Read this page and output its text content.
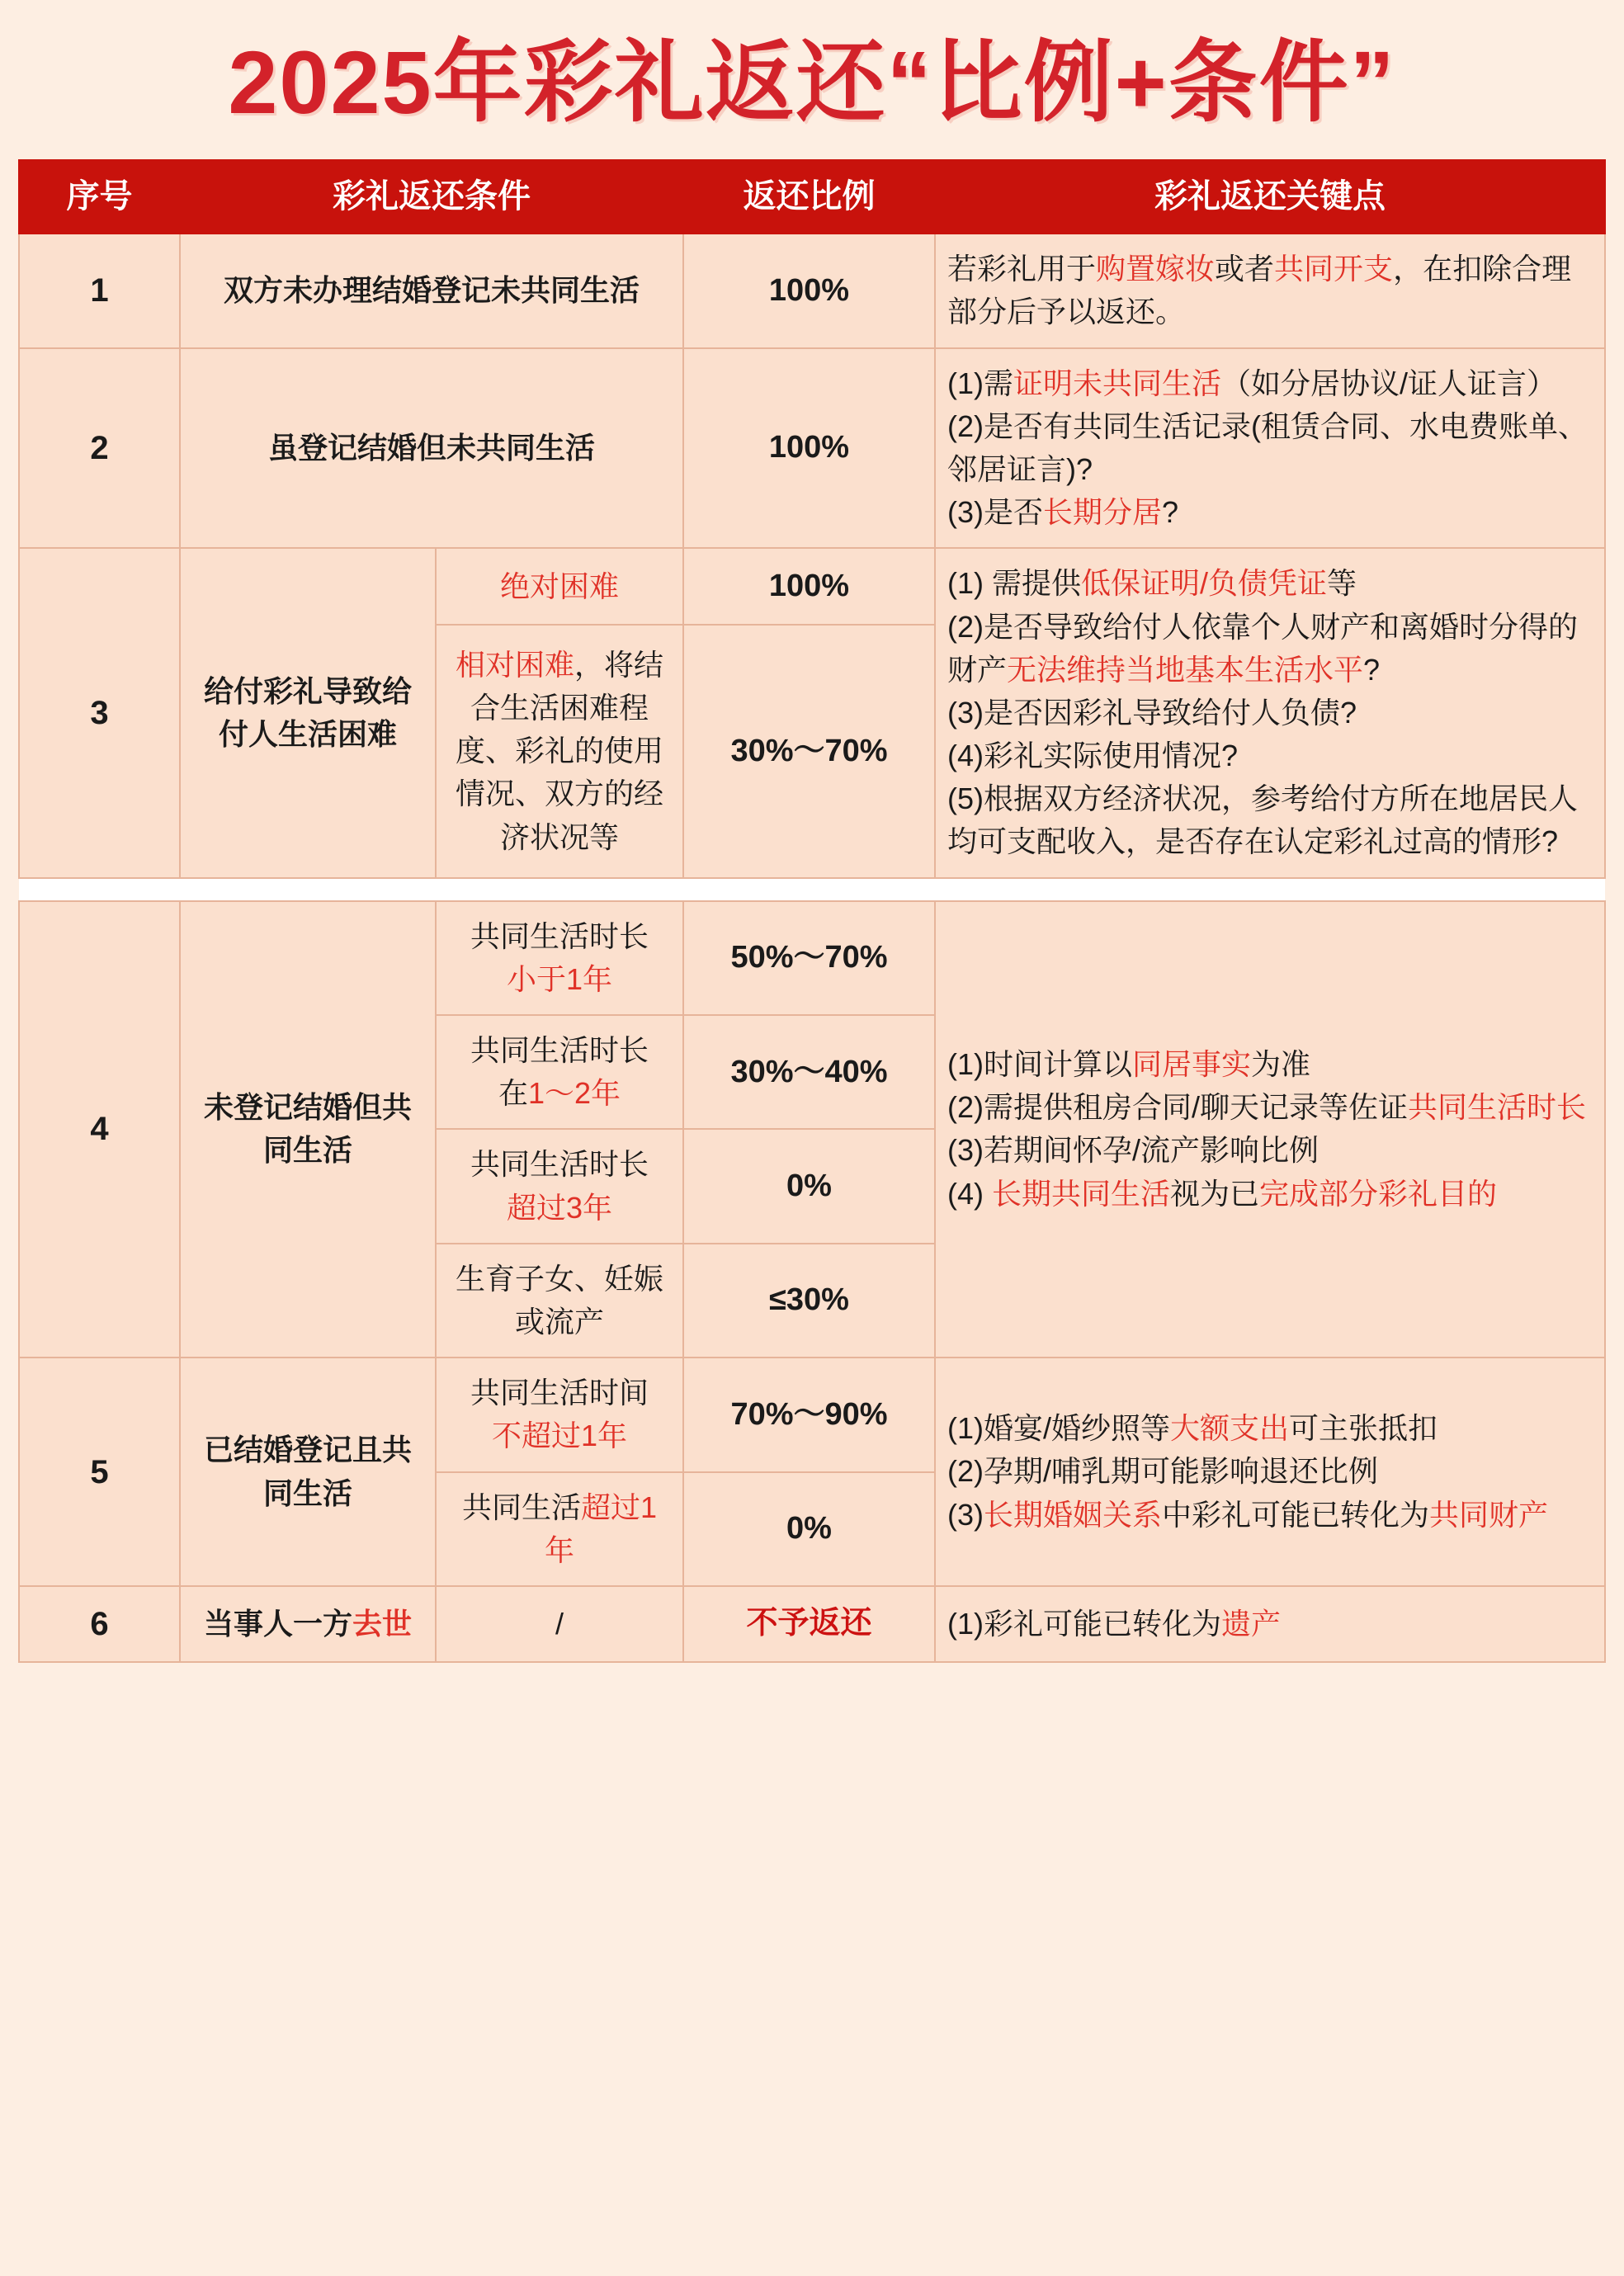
2025年彩礼返还“比例+条件”
序号	彩礼返还条件		返还比例	彩礼返还关键点
1	双方未办理结婚登记未共同生活		100%	若彩礼用于购置嫁妆或者共同开支，在扣除合理部分后予以返还。
2	虽登记结婚但未共同生活		100%	(1)需证明未共同生活（如分居协议/证人证言）
(2)是否有共同生活记录(租赁合同、水电费账单、邻居证言)?
(3)是否长期分居?
3	给付彩礼导致给付人生活困难	绝对困难	100%	(1) 需提供低保证明/负债凭证等
(2)是否导致给付人依靠个人财产和离婚时分得的财产无法维持当地基本生活水平?
(3)是否因彩礼导致给付人负债?
(4)彩礼实际使用情况?
(5)根据双方经济状况，参考给付方所在地居民人均可支配收入，是否存在认定彩礼过高的情形?
		相对困难，将结合生活困难程度、彩礼的使用情况、双方的经济状况等	30%～70%	

4	未登记结婚但共同生活	共同生活时长
小于1年	50%～70%	(1)时间计算以同居事实为准
(2)需提供租房合同/聊天记录等佐证共同生活时长
(3)若期间怀孕/流产影响比例
(4) 长期共同生活视为已完成部分彩礼目的
		共同生活时长
在1～2年	30%～40%	
		共同生活时长
超过3年	0%	
		生育子女、妊娠或流产	≤30%	
5	已结婚登记且共同生活	共同生活时间
不超过1年	70%～90%	(1)婚宴/婚纱照等大额支出可主张抵扣
(2)孕期/哺乳期可能影响退还比例
(3)长期婚姻关系中彩礼可能已转化为共同财产
		共同生活超过1年	0%	
6	当事人一方去世	/	不予返还	(1)彩礼可能已转化为遗产
